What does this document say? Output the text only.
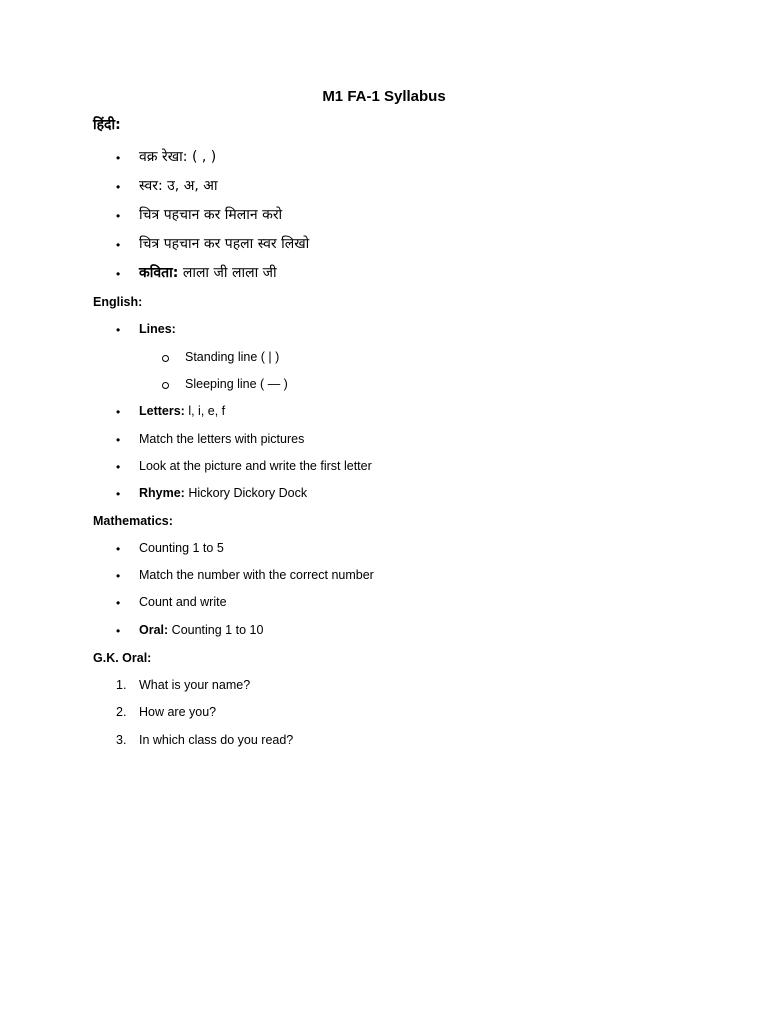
M1 FA-1 Syllabus
हिंदी:
• वक्र रेखा: ( , )
• स्वर: उ, अ, आ
• चित्र पहचान कर मिलान करो
• चित्र पहचान कर पहला स्वर लिखो
• कविता: लाला जी लाला जी
English:
• Lines:
Standing line ( | )
Sleeping line ( — )
• Letters: l, i, e, f
• Match the letters with pictures
• Look at the picture and write the first letter
• Rhyme: Hickory Dickory Dock
Mathematics:
• Counting 1 to 5
• Match the number with the correct number
• Count and write
• Oral: Counting 1 to 10
G.K. Oral:
1. What is your name?
2. How are you?
3. In which class do you read?
